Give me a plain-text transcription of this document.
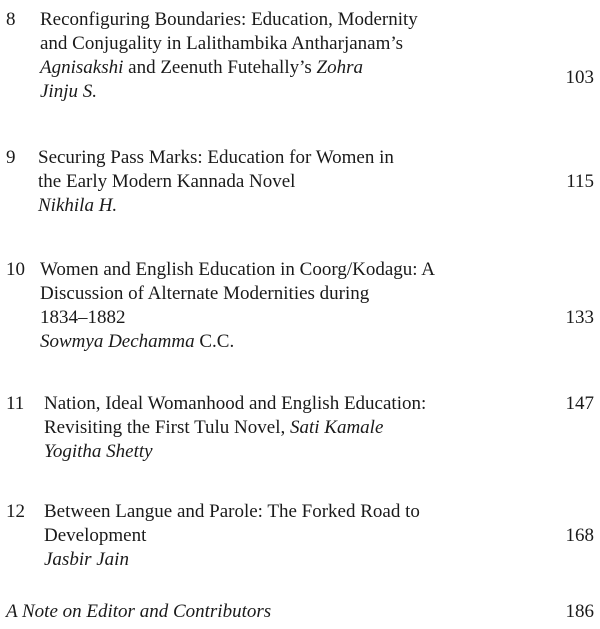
8 Reconfiguring Boundaries: Education, Modernity
and Conjugality in Lalithambika Antharjanam’s
Agnisakshi and Zeenuth Futehally’s Zohra
Jinju S.
103
9 Securing Pass Marks: Education for Women in
the Early Modern Kannada Novel
Nikhila H.
115
10 Women and English Education in Coorg/Kodagu: A
Discussion of Alternate Modernities during
1834–1882
Sowmya Dechamma C.C.
133
11 Nation, Ideal Womanhood and English Education:
Revisiting the First Tulu Novel, Sati Kamale
Yogitha Shetty
147
12 Between Langue and Parole: The Forked Road to
Development
Jasbir Jain
168
A Note on Editor and Contributors	186
